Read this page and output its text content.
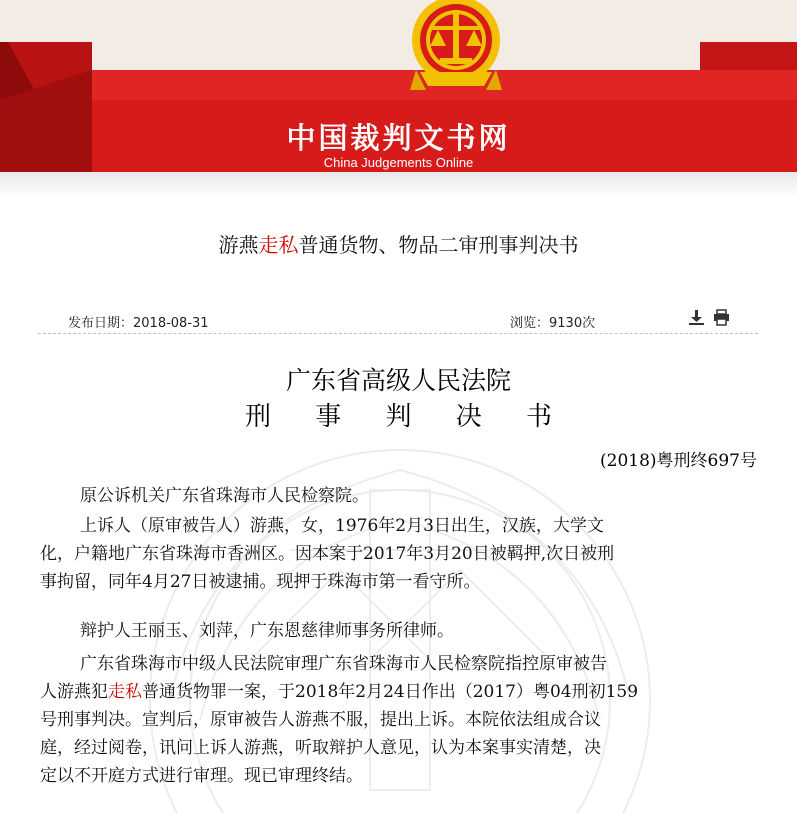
中国裁判文书网
China Judgements Online
游燕走私普通货物、物品二审刑事判决书
发布日期：2018-08-31	浏览：9130次
广东省高级人民法院
刑 事 判 决 书
(2018)粤刑终697号
原公诉机关广东省珠海市人民检察院。
上诉人（原审被告人）游燕，女，1976年2月3日出生，汉族，大学文
化，户籍地广东省珠海市香洲区。因本案于2017年3月20日被羁押,次日被刑
事拘留，同年4月27日被逮捕。现押于珠海市第一看守所。
辩护人王丽玉、刘萍，广东恩慈律师事务所律师。
广东省珠海市中级人民法院审理广东省珠海市人民检察院指控原审被告
人游燕犯走私普通货物罪一案，于2018年2月24日作出（2017）粤04刑初159
号刑事判决。宣判后，原审被告人游燕不服，提出上诉。本院依法组成合议
庭，经过阅卷，讯问上诉人游燕，听取辩护人意见，认为本案事实清楚，决
定以不开庭方式进行审理。现已审理终结。
